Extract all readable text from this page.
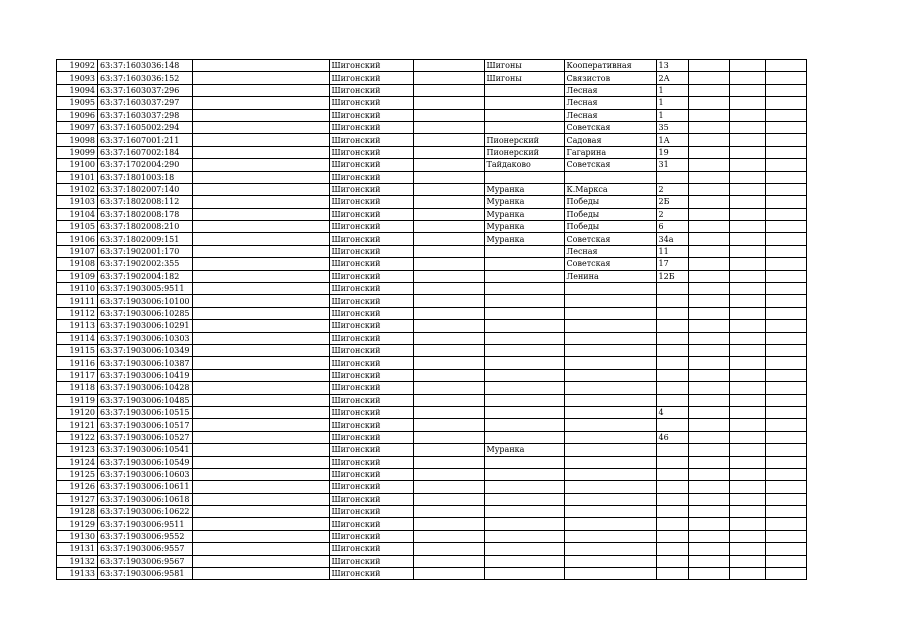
19092	63:37:1603036:148		Шигонский		Шигоны	Кооперативная	13			
19093	63:37:1603036:152		Шигонский		Шигоны	Связистов	2А			
19094	63:37:1603037:296		Шигонский			Лесная	1			
19095	63:37:1603037:297		Шигонский			Лесная	1			
19096	63:37:1603037:298		Шигонский			Лесная	1			
19097	63:37:1605002:294		Шигонский			Советская	35			
19098	63:37:1607001:211		Шигонский		Пионерский	Садовая	1А			
19099	63:37:1607002:184		Шигонский		Пионерский	Гагарина	19			
19100	63:37:1702004:290		Шигонский		Тайдаково	Советская	31			
19101	63:37:1801003:18		Шигонский							
19102	63:37:1802007:140		Шигонский		Муранка	К.Маркса	2			
19103	63:37:1802008:112		Шигонский		Муранка	Победы	2Б			
19104	63:37:1802008:178		Шигонский		Муранка	Победы	2			
19105	63:37:1802008:210		Шигонский		Муранка	Победы	6			
19106	63:37:1802009:151		Шигонский		Муранка	Советская	34а			
19107	63:37:1902001:170		Шигонский			Лесная	11			
19108	63:37:1902002:355		Шигонский			Советская	17			
19109	63:37:1902004:182		Шигонский			Ленина	12Б			
19110	63:37:1903005:9511		Шигонский							
19111	63:37:1903006:10100		Шигонский							
19112	63:37:1903006:10285		Шигонский							
19113	63:37:1903006:10291		Шигонский							
19114	63:37:1903006:10303		Шигонский							
19115	63:37:1903006:10349		Шигонский							
19116	63:37:1903006:10387		Шигонский							
19117	63:37:1903006:10419		Шигонский							
19118	63:37:1903006:10428		Шигонский							
19119	63:37:1903006:10485		Шигонский							
19120	63:37:1903006:10515		Шигонский				4			
19121	63:37:1903006:10517		Шигонский							
19122	63:37:1903006:10527		Шигонский				46			
19123	63:37:1903006:10541		Шигонский		Муранка					
19124	63:37:1903006:10549		Шигонский							
19125	63:37:1903006:10603		Шигонский							
19126	63:37:1903006:10611		Шигонский							
19127	63:37:1903006:10618		Шигонский							
19128	63:37:1903006:10622		Шигонский							
19129	63:37:1903006:9511		Шигонский							
19130	63:37:1903006:9552		Шигонский							
19131	63:37:1903006:9557		Шигонский							
19132	63:37:1903006:9567		Шигонский							
19133	63:37:1903006:9581		Шигонский							
